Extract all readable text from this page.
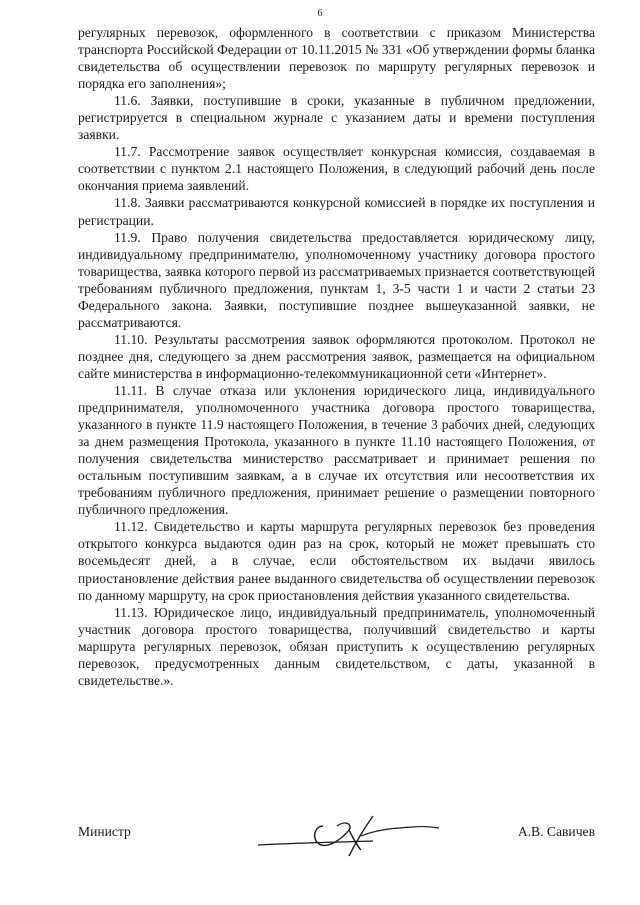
6

регулярных перевозок, оформленного в соответствии с приказом Министерства транспорта Российской Федерации от 10.11.2015 № 331 «Об утверждении формы бланка свидетельства об осуществлении перевозок по маршруту регулярных перевозок и порядка его заполнения»;

11.6. Заявки, поступившие в сроки, указанные в публичном предложении, регистрируется в специальном журнале с указанием даты и времени поступления заявки.

11.7. Рассмотрение заявок осуществляет конкурсная комиссия, создаваемая в соответствии с пунктом 2.1 настоящего Положения, в следующий рабочий день после окончания приема заявлений.

11.8. Заявки рассматриваются конкурсной комиссией в порядке их поступления и регистрации.

11.9. Право получения свидетельства предоставляется юридическому лицу, индивидуальному предпринимателю, уполномоченному участнику договора простого товарищества, заявка которого первой из рассматриваемых признается соответствующей требованиям публичного предложения, пунктам 1, 3-5 части 1 и части 2 статьи 23 Федерального закона. Заявки, поступившие позднее вышеуказанной заявки, не рассматриваются.

11.10. Результаты рассмотрения заявок оформляются протоколом. Протокол не позднее дня, следующего за днем рассмотрения заявок, размещается на официальном сайте министерства в информационно-телекоммуникационной сети «Интернет».

11.11. В случае отказа или уклонения юридического лица, индивидуального предпринимателя, уполномоченного участника договора простого товарищества, указанного в пункте 11.9 настоящего Положения, в течение 3 рабочих дней, следующих за днем размещения Протокола, указанного в пункте 11.10 настоящего Положения, от получения свидетельства министерство рассматривает и принимает решения по остальным поступившим заявкам, а в случае их отсутствия или несоответствия их требованиям публичного предложения, принимает решение о размещении повторного публичного предложения.

11.12. Свидетельство и карты маршрута регулярных перевозок без проведения открытого конкурса выдаются один раз на срок, который не может превышать сто восемьдесят дней, а в случае, если обстоятельством их выдачи явилось приостановление действия ранее выданного свидетельства об осуществлении перевозок по данному маршруту, на срок приостановления действия указанного свидетельства.

11.13. Юридическое лицо, индивидуальный предприниматель, уполномоченный участник договора простого товарищества, получивший свидетельство и карты маршрута регулярных перевозок, обязан приступить к осуществлению регулярных перевозок, предусмотренных данным свидетельством, с даты, указанной в свидетельстве.».

Министр	А.В. Савичев
